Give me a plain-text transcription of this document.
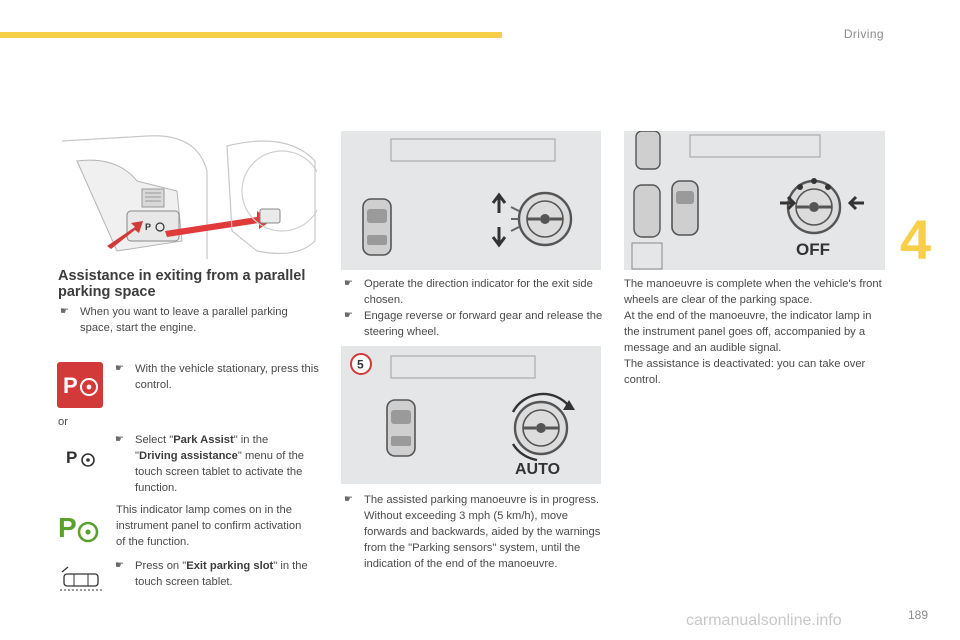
Driving
4
189
carmanualsonline.info
P
Assistance in exiting from a parallel parking space
☛ When you want to leave a parallel parking space, start the engine.
P
☛ With the vehicle stationary, press this control.
or
P
☛ Select "Park Assist" in the "Driving assistance" menu of the touch screen tablet to activate the function.
P
This indicator lamp comes on in the instrument panel to confirm activation of the function.
☛ Press on "Exit parking slot" in the touch screen tablet.
☛ Operate the direction indicator for the exit side chosen.
☛ Engage reverse or forward gear and release the steering wheel.
5
AUTO
☛ The assisted parking manoeuvre is in progress. Without exceeding 3 mph (5 km/h), move forwards and backwards, aided by the warnings from the "Parking sensors" system, until the indication of the end of the manoeuvre.
OFF
The manoeuvre is complete when the vehicle's front wheels are clear of the parking space.
At the end of the manoeuvre, the indicator lamp in the instrument panel goes off, accompanied by a message and an audible signal.
The assistance is deactivated: you can take over control.
